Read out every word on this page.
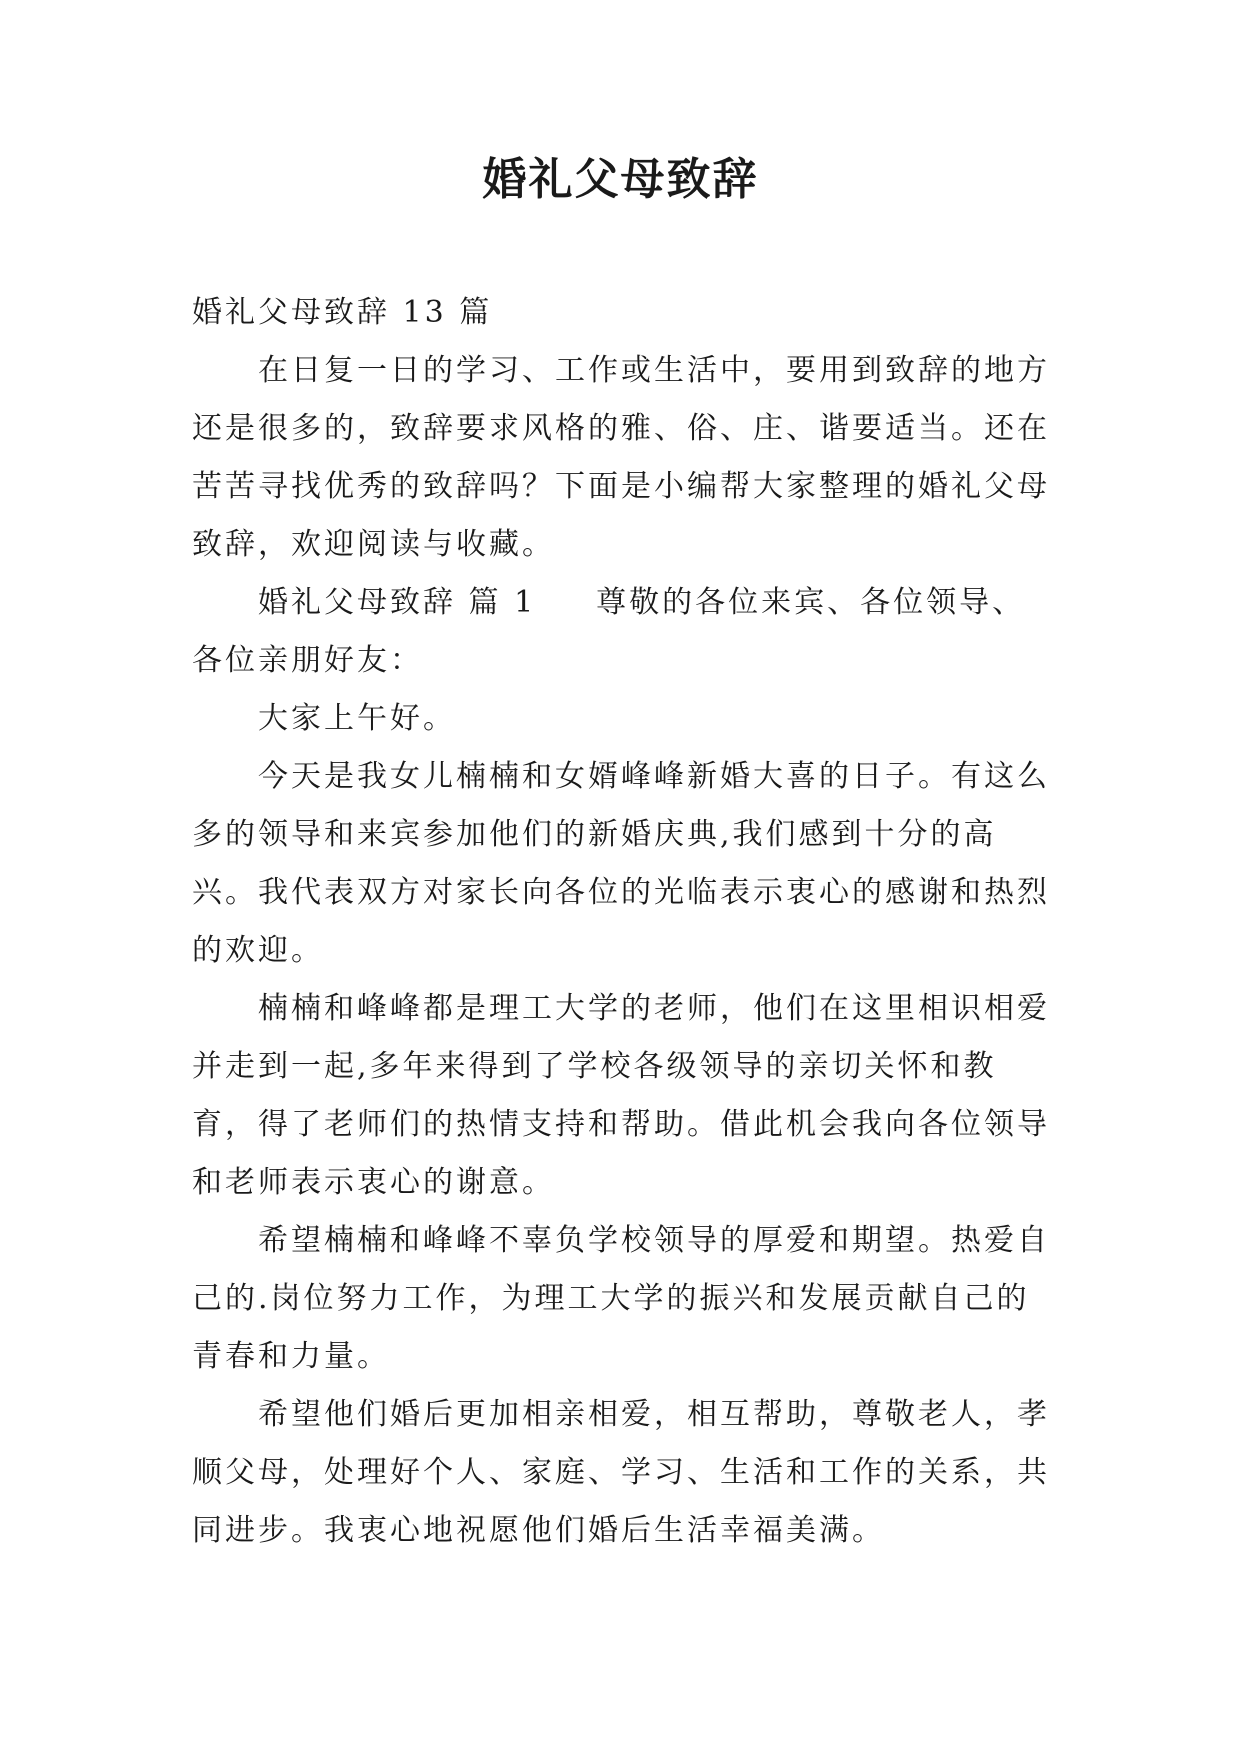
婚礼父母致辞

婚礼父母致辞 13 篇

在日复一日的学习、工作或生活中，要用到致辞的地方还是很多的，致辞要求风格的雅、俗、庄、谐要适当。还在苦苦寻找优秀的致辞吗？下面是小编帮大家整理的婚礼父母致辞，欢迎阅读与收藏。

婚礼父母致辞 篇 1 尊敬的各位来宾、各位领导、各位亲朋好友：

大家上午好。

今天是我女儿楠楠和女婿峰峰新婚大喜的日子。有这么多的领导和来宾参加他们的新婚庆典,我们感到十分的高兴。我代表双方对家长向各位的光临表示衷心的感谢和热烈的欢迎。

楠楠和峰峰都是理工大学的老师，他们在这里相识相爱并走到一起,多年来得到了学校各级领导的亲切关怀和教育，得了老师们的热情支持和帮助。借此机会我向各位领导　和老师表示衷心的谢意。

希望楠楠和峰峰不辜负学校领导的厚爱和期望。热爱自己的.岗位努力工作，为理工大学的振兴和发展贡献自己的青春和力量。

希望他们婚后更加相亲相爱，相互帮助，尊敬老人，孝顺父母，处理好个人、家庭、学习、生活和工作的关系，共同进步。我衷心地祝愿他们婚后生活幸福美满。
